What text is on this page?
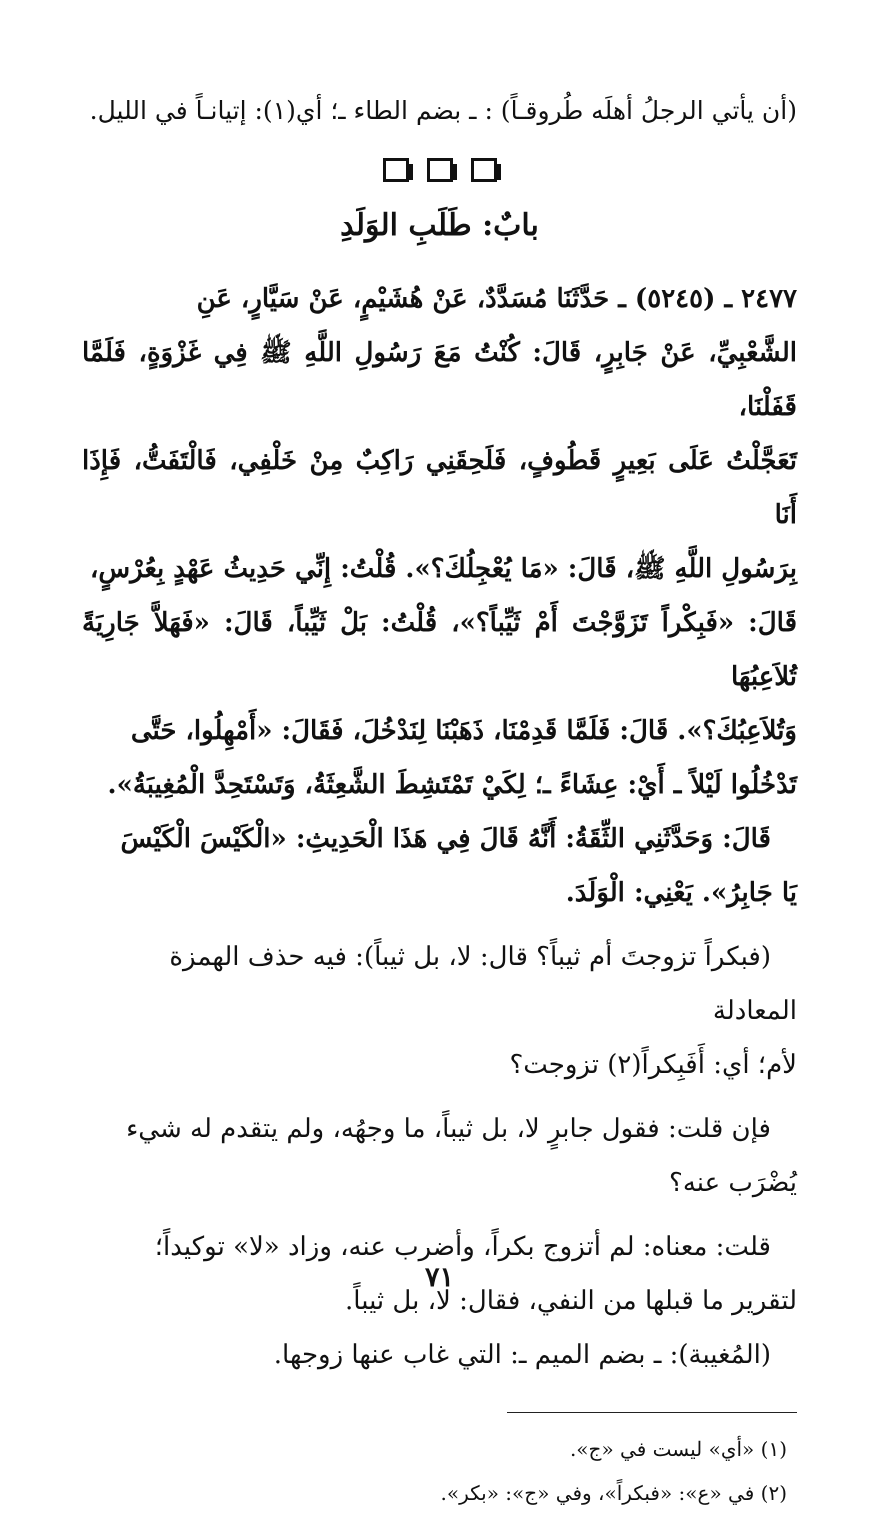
(أن يأتي الرجلُ أهلَه طُروقـاً) : ـ بضم الطاء ـ؛ أي(١): إتيانـاً في الليل.

بابٌ: طَلَبِ الوَلَدِ

٢٤٧٧ ـ (٥٢٤٥) ـ حَدَّثَنَا مُسَدَّدٌ، عَنْ هُشَيْمٍ، عَنْ سَيَّارٍ، عَنِ

الشَّعْبِيِّ، عَنْ جَابِرٍ، قَالَ: كُنْتُ مَعَ رَسُولِ اللَّهِ ﷺ فِي غَزْوَةٍ، فَلَمَّا قَفَلْنَا،

تَعَجَّلْتُ عَلَى بَعِيرٍ قَطُوفٍ، فَلَحِقَنِي رَاكِبٌ مِنْ خَلْفِي، فَالْتَفَتُّ، فَإِذَا أَنَا

بِرَسُولِ اللَّهِ ﷺ، قَالَ: «مَا يُعْجِلُكَ؟». قُلْتُ: إِنِّي حَدِيثُ عَهْدٍ بِعُرْسٍ،

قَالَ: «فَبِكْراً تَزَوَّجْتَ أَمْ ثَيِّباً؟»، قُلْتُ: بَلْ ثَيِّباً، قَالَ: «فَهَلاَّ جَارِيَةً تُلاَعِبُهَا

وَتُلاَعِبُكَ؟». قَالَ: فَلَمَّا قَدِمْنَا، ذَهَبْنَا لِنَدْخُلَ، فَقَالَ: «أَمْهِلُوا، حَتَّى

تَدْخُلُوا لَيْلاً ـ أَيْ: عِشَاءً ـ؛ لِكَيْ تَمْتَشِطَ الشَّعِثَةُ، وَتَسْتَحِدَّ الْمُغِيبَةُ».

قَالَ: وَحَدَّثَنِي الثِّقَةُ: أَنَّهُ قَالَ فِي هَذَا الْحَدِيثِ: «الْكَيْسَ الْكَيْسَ

يَا جَابِرُ». يَعْنِي: الْوَلَدَ.

(فبكراً تزوجتَ أم ثيباً؟ قال: لا، بل ثيباً): فيه حذف الهمزة المعادلة

لأم؛ أي: أَفَبِكراً(٢) تزوجت؟

فإن قلت: فقول جابرٍ لا، بل ثيباً، ما وجهُه، ولم يتقدم له شيء

يُضْرَب عنه؟

قلت: معناه: لم أتزوج بكراً، وأضرب عنه، وزاد «لا» توكيداً؛

لتقرير ما قبلها من النفي، فقال: لا، بل ثيباً.

(المُغيبة): ـ بضم الميم ـ: التي غاب عنها زوجها.

(١) «أي» ليست في «ج».

(٢) في «ع»: «فبكراً»، وفي «ج»: «بكر».

٧١
